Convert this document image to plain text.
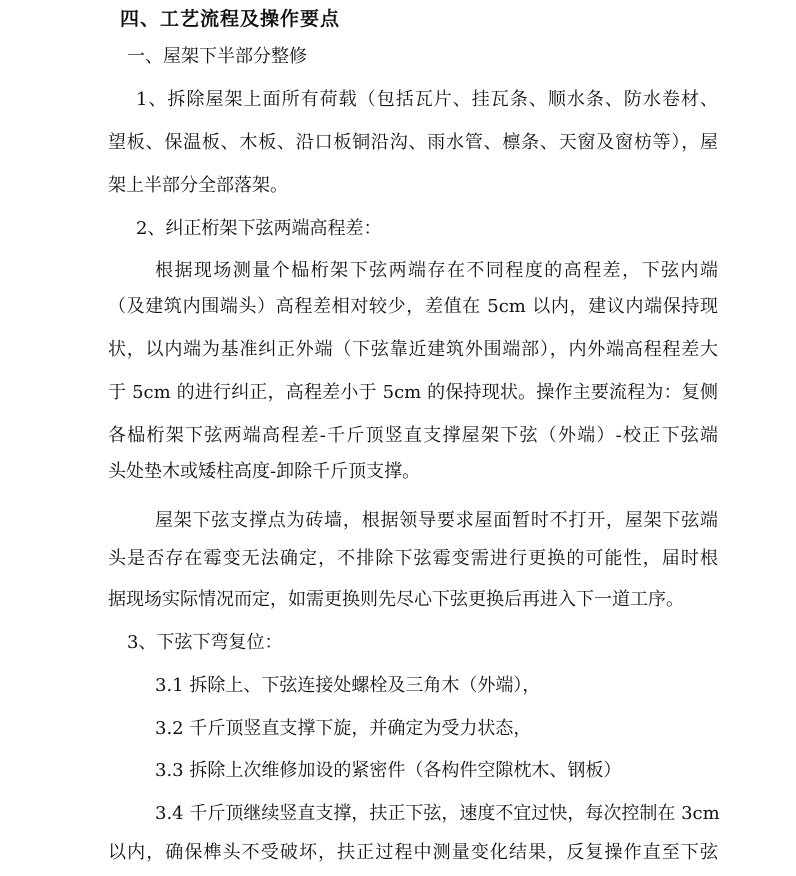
四、工艺流程及操作要点
一、屋架下半部分整修
1、拆除屋架上面所有荷载（包括瓦片、挂瓦条、顺水条、防水卷材、
望板、保温板、木板、沿口板铜沿沟、雨水管、檩条、天窗及窗枋等），屋
架上半部分全部落架。
2、纠正桁架下弦两端高程差：
根据现场测量个榀桁架下弦两端存在不同程度的高程差，下弦内端
（及建筑内围端头）高程差相对较少，差值在 5cm 以内，建议内端保持现
状，以内端为基准纠正外端（下弦靠近建筑外围端部），内外端高程程差大
于 5cm 的进行纠正，高程差小于 5cm 的保持现状。操作主要流程为：复侧
各榀桁架下弦两端高程差-千斤顶竖直支撑屋架下弦（外端）-校正下弦端
头处垫木或矮柱高度-卸除千斤顶支撑。
屋架下弦支撑点为砖墙，根据领导要求屋面暂时不打开，屋架下弦端
头是否存在霉变无法确定，不排除下弦霉变需进行更换的可能性，届时根
据现场实际情况而定，如需更换则先尽心下弦更换后再进入下一道工序。
3、下弦下弯复位：
3.1 拆除上、下弦连接处螺栓及三角木（外端），
3.2 千斤顶竖直支撑下旋，并确定为受力状态，
3.3 拆除上次维修加设的紧密件（各构件空隙枕木、钢板）
3.4 千斤顶继续竖直支撑，扶正下弦，速度不宜过快，每次控制在 3cm
以内，确保榫头不受破坏，扶正过程中测量变化结果，反复操作直至下弦
